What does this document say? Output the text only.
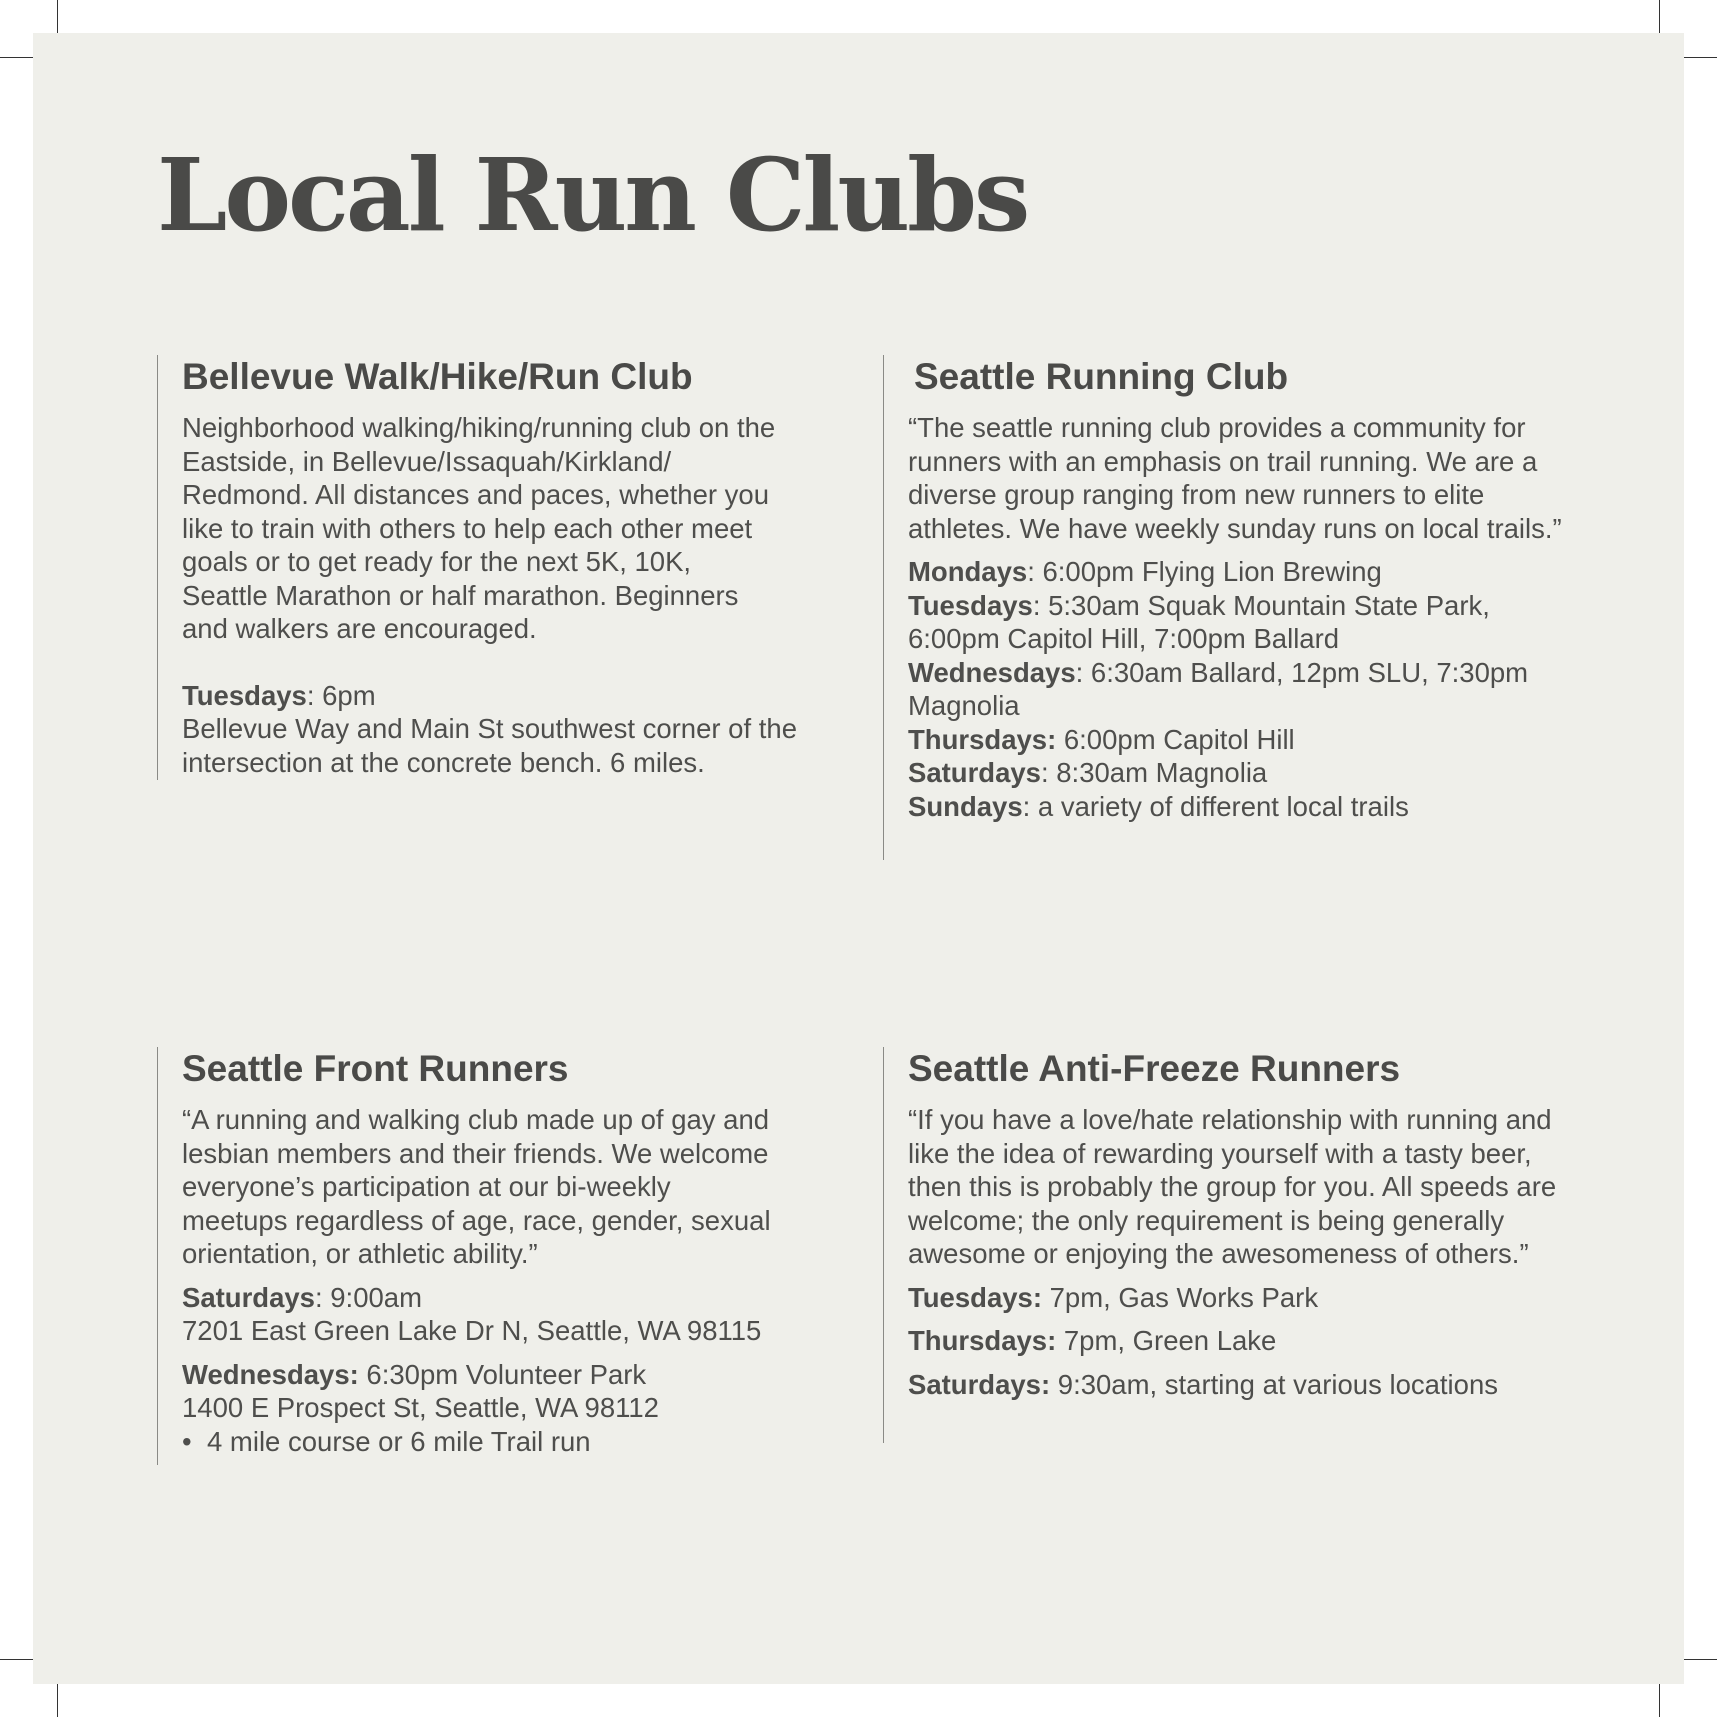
Local Run Clubs
Bellevue Walk/Hike/Run Club

Neighborhood walking/hiking/running club on the Eastside, in Bellevue/Issaquah/Kirkland/ Redmond. All distances and paces, whether you like to train with others to help each other meet goals or to get ready for the next 5K, 10K, Seattle Marathon or half marathon. Beginners and walkers are encouraged.

Tuesdays: 6pm

Bellevue Way and Main St southwest corner of the intersection at the concrete bench. 6 miles.

Seattle Running Club

“The seattle running club provides a community for runners with an emphasis on trail running. We are a diverse group ranging from new runners to elite athletes. We have weekly sunday runs on local trails.”

Mondays: 6:00pm Flying Lion Brewing
Tuesdays: 5:30am Squak Mountain State Park, 6:00pm Capitol Hill, 7:00pm Ballard
Wednesdays: 6:30am Ballard, 12pm SLU, 7:30pm Magnolia
Thursdays: 6:00pm Capitol Hill
Saturdays: 8:30am Magnolia
Sundays: a variety of different local trails
Seattle Front Runners

“A running and walking club made up of gay and lesbian members and their friends. We welcome everyone’s participation at our bi-weekly meetups regardless of age, race, gender, sexual orientation, or athletic ability.”

Saturdays: 9:00am
7201 East Green Lake Dr N, Seattle, WA 98115
Wednesdays: 6:30pm Volunteer Park
1400 E Prospect St, Seattle, WA 98112
• 4 mile course or 6 mile Trail run
Seattle Anti-Freeze Runners

“If you have a love/hate relationship with running and like the idea of rewarding yourself with a tasty beer, then this is probably the group for you. All speeds are welcome; the only requirement is being generally awesome or enjoying the awesomeness of others.”

Tuesdays: 7pm, Gas Works Park
Thursdays: 7pm, Green Lake
Saturdays: 9:30am, starting at various locations
